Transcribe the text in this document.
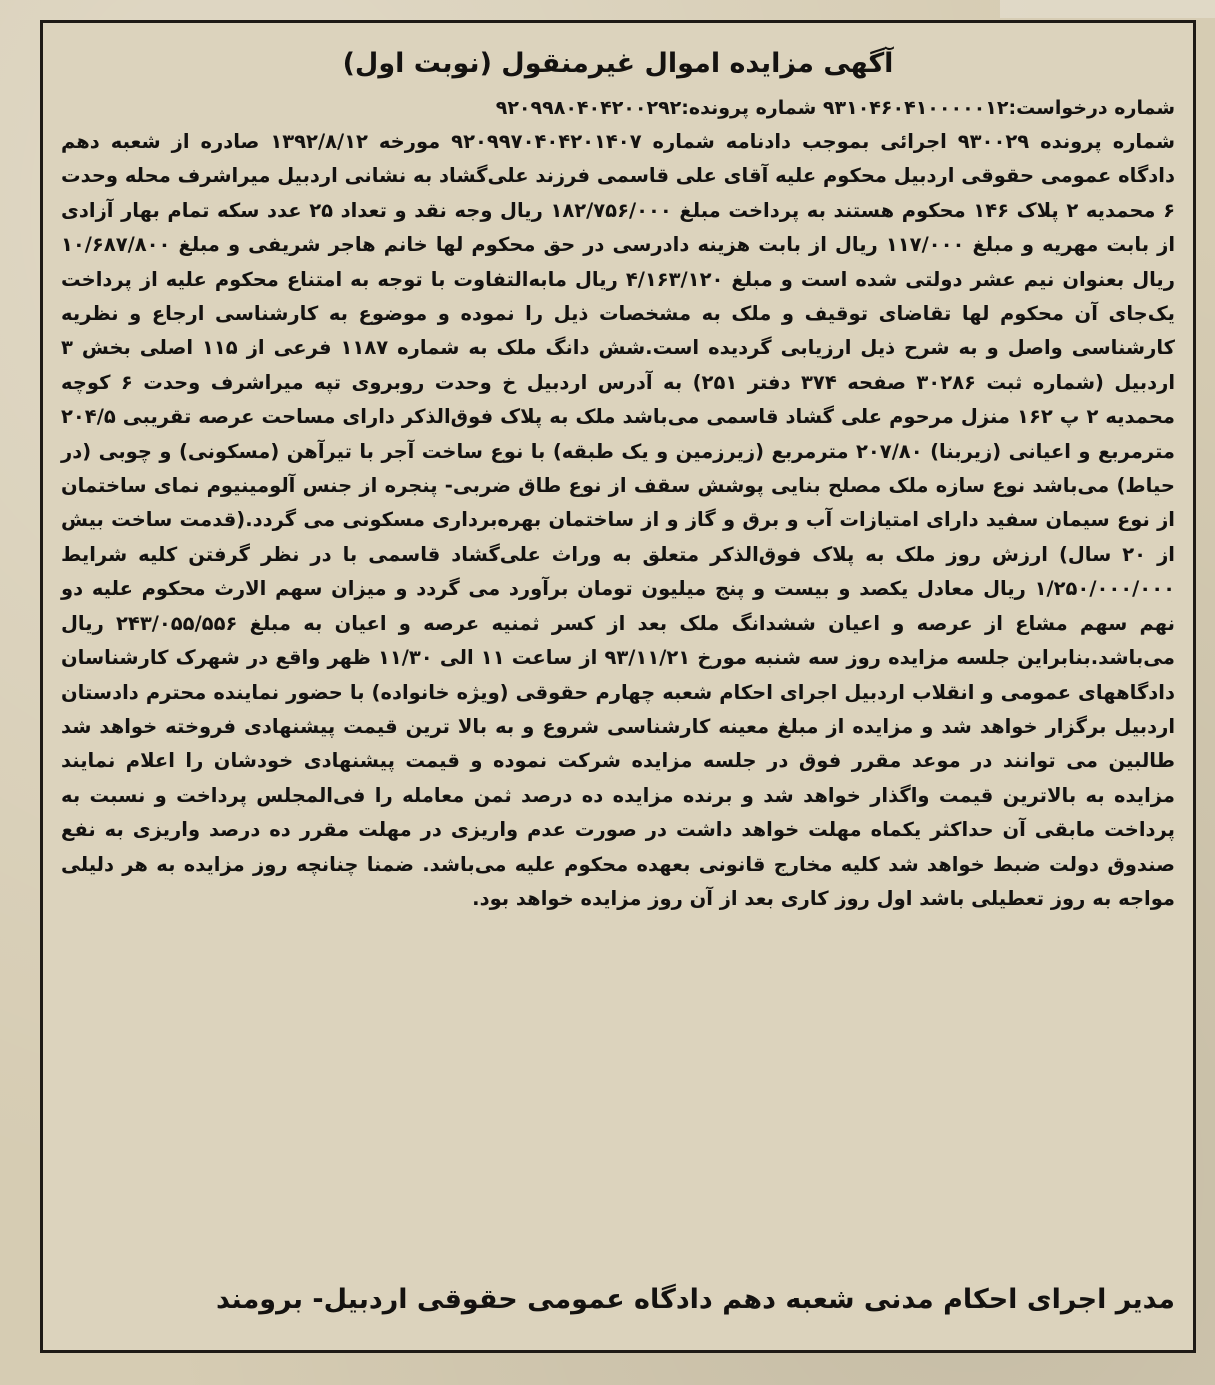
آگهی مزایده اموال غیرمنقول (نوبت اول)

شماره درخواست:۹۳۱۰۴۶۰۴۱۰۰۰۰۰۱۲ شماره پرونده:۹۲۰۹۹۸۰۴۰۴۲۰۰۲۹۲

شماره پرونده ۹۳۰۰۲۹ اجرائی بموجب دادنامه شماره ۹۲۰۹۹۷۰۴۰۴۲۰۱۴۰۷ مورخه ۱۳۹۲/۸/۱۲ صادره از شعبه دهم دادگاه عمومی حقوقی اردبیل محکوم علیه آقای علی قاسمی فرزند علی‌گشاد به نشانی اردبیل میراشرف محله وحدت ۶ محمدیه ۲ پلاک ۱۴۶ محکوم هستند به پرداخت مبلغ ۱۸۲/۷۵۶/۰۰۰ ریال وجه نقد و تعداد ۲۵ عدد سکه تمام بهار آزادی از بابت مهریه و مبلغ ۱۱۷/۰۰۰ ریال از بابت هزینه دادرسی در حق محکوم لها خانم هاجر شریفی و مبلغ ۱۰/۶۸۷/۸۰۰ ریال بعنوان نیم عشر دولتی شده است و مبلغ ۴/۱۶۳/۱۲۰ ریال مابه‌التفاوت با توجه به امتناع محکوم علیه از پرداخت یک‌جای آن محکوم لها تقاضای توقیف و ملک به مشخصات ذیل را نموده و موضوع به کارشناسی ارجاع و نظریه کارشناسی واصل و به شرح ذیل ارزیابی گردیده است.شش دانگ ملک به شماره ۱۱۸۷ فرعی از ۱۱۵ اصلی بخش ۳ اردبیل (شماره ثبت ۳۰۲۸۶ صفحه ۳۷۴ دفتر ۲۵۱) به آدرس اردبیل خ وحدت روبروی تپه میراشرف وحدت ۶ کوچه محمدیه ۲ پ ۱۶۲ منزل مرحوم علی گشاد قاسمی می‌باشد ملک به پلاک فوق‌الذکر دارای مساحت عرصه تقریبی ۲۰۴/۵ مترمربع و اعیانی (زیربنا) ۲۰۷/۸۰ مترمربع (زیرزمین و یک طبقه) با نوع ساخت آجر با تیرآهن (مسکونی) و چوبی (در حیاط) می‌باشد نوع سازه ملک مصلح بنایی پوشش سقف از نوع طاق ضربی- پنجره از جنس آلومینیوم نمای ساختمان از نوع سیمان سفید دارای امتیازات آب و برق و گاز و از ساختمان بهره‌برداری مسکونی می گردد.(قدمت ساخت بیش از ۲۰ سال) ارزش روز ملک به پلاک فوق‌الذکر متعلق به وراث علی‌گشاد قاسمی با در نظر گرفتن کلیه شرایط ۱/۲۵۰/۰۰۰/۰۰۰ ریال معادل یکصد و بیست و پنج میلیون تومان برآورد می گردد و میزان سهم الارث محکوم علیه دو نهم سهم مشاع از عرصه و اعیان ششدانگ ملک بعد از کسر ثمنیه عرصه و اعیان به مبلغ ۲۴۳/۰۵۵/۵۵۶ ریال می‌باشد.بنابراین جلسه مزایده روز سه شنبه مورخ ۹۳/۱۱/۲۱ از ساعت ۱۱ الی ۱۱/۳۰ ظهر واقع در شهرک کارشناسان دادگاههای عمومی و انقلاب اردبیل اجرای احکام شعبه چهارم حقوقی (ویژه خانواده) با حضور نماینده محترم دادستان اردبیل برگزار خواهد شد و مزایده از مبلغ معینه کارشناسی شروع و به بالا ترین قیمت پیشنهادی فروخته خواهد شد طالبین می توانند در موعد مقرر فوق در جلسه مزایده شرکت نموده و قیمت پیشنهادی خودشان را اعلام نمایند مزایده به بالاترین قیمت واگذار خواهد شد و برنده مزایده ده درصد ثمن معامله را فی‌المجلس پرداخت و نسبت به پرداخت مابقی آن حداکثر یکماه مهلت خواهد داشت در صورت عدم واریزی در مهلت مقرر ده درصد واریزی به نفع صندوق دولت ضبط خواهد شد کلیه مخارج قانونی بعهده محکوم علیه می‌باشد. ضمنا چنانچه روز مزایده به هر دلیلی مواجه به روز تعطیلی باشد اول روز کاری بعد از آن روز مزایده خواهد بود.

مدیر اجرای احکام مدنی شعبه دهم دادگاه عمومی حقوقی اردبیل- برومند
